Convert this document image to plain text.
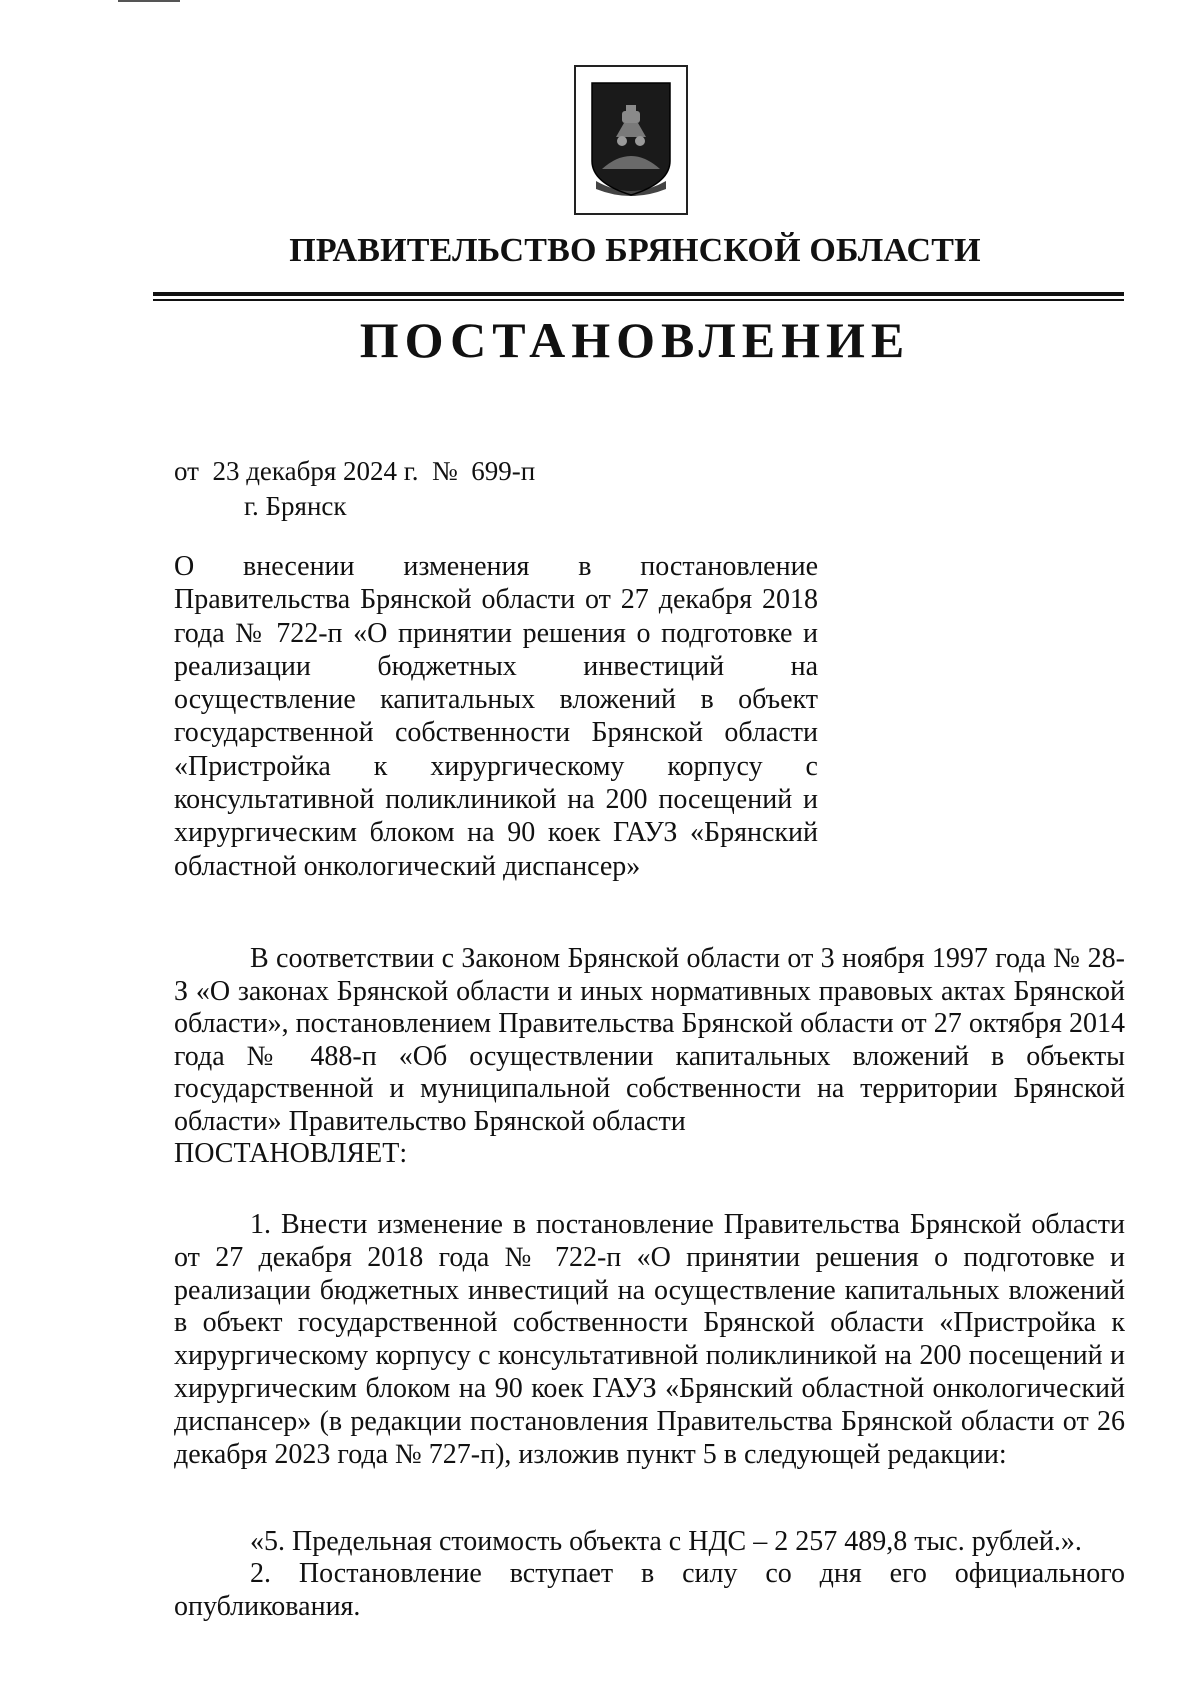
ПРАВИТЕЛЬСТВО БРЯНСКОЙ ОБЛАСТИ
ПОСТАНОВЛЕНИЕ
от  23 декабря 2024 г.  №  699-п
г. Брянск
О внесении изменения в постановление Правительства Брянской области от 27 декабря 2018 года № 722-п «О принятии решения о подготовке и реализации бюджетных инвестиций на осуществление капитальных вложений в объект государственной собственности Брянской области «Пристройка к хирургическому корпусу с консультативной поликлиникой на 200 посещений и хирургическим блоком на 90 коек ГАУЗ «Брянский областной онкологический диспансер»
В соответствии с Законом Брянской области от 3 ноября 1997 года № 28-З «О законах Брянской области и иных нормативных правовых актах Брянской области», постановлением Правительства Брянской области от 27 октября 2014 года № 488-п «Об осуществлении капитальных вложений в объекты государственной и муниципальной собственности на территории Брянской области» Правительство Брянской области
ПОСТАНОВЛЯЕТ:
1. Внести изменение в постановление Правительства Брянской области от 27 декабря 2018 года № 722-п «О принятии решения о подготовке и реализации бюджетных инвестиций на осуществление капитальных вложений в объект государственной собственности Брянской области «Пристройка к хирургическому корпусу с консультативной поликлиникой на 200 посещений и хирургическим блоком на 90 коек ГАУЗ «Брянский областной онкологический диспансер» (в редакции постановления Правительства Брянской области от 26 декабря 2023 года № 727-п), изложив пункт 5 в следующей редакции:
«5. Предельная стоимость объекта с НДС – 2 257 489,8 тыс. рублей.».
2. Постановление вступает в силу со дня его официального опубликования.
